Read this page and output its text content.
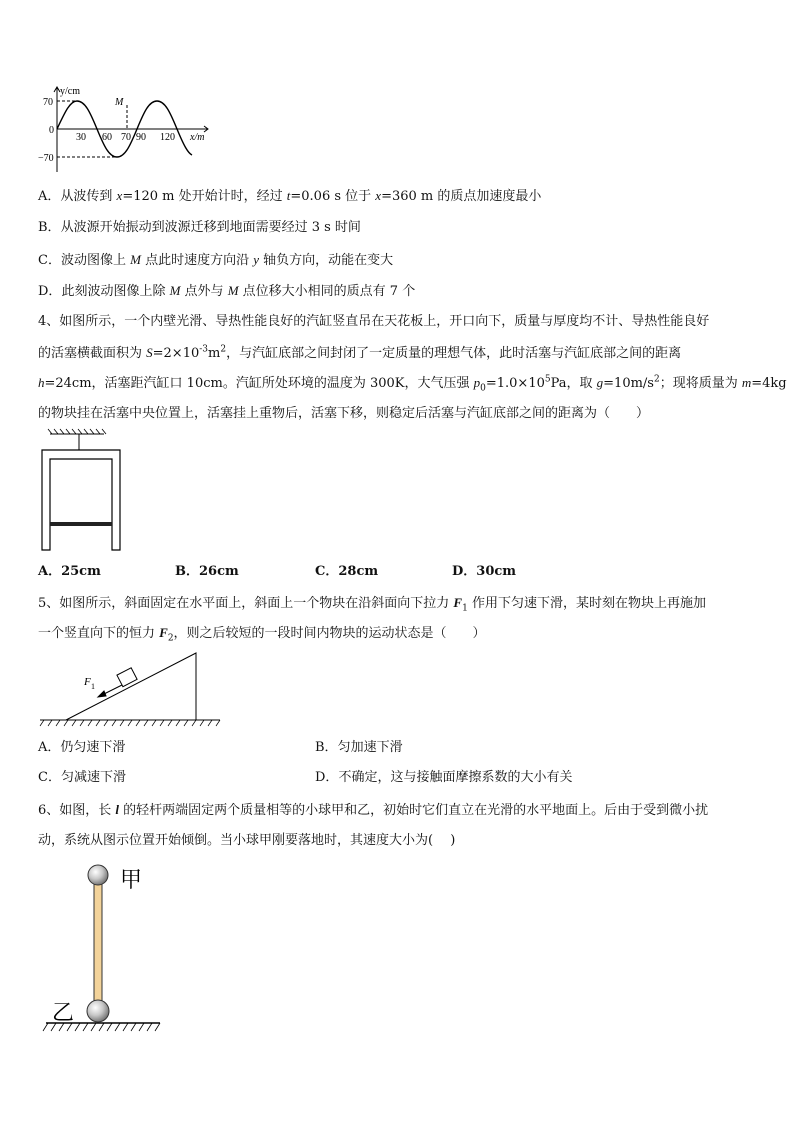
y/cm
70
0
−70
30 60 70 90 120 x/m
M
A．从波传到 x=120 m 处开始计时，经过 t=0.06 s 位于 x=360 m 的质点加速度最小
B．从波源开始振动到波源迁移到地面需要经过 3 s 时间
C．波动图像上 M 点此时速度方向沿 y 轴负方向，动能在变大
D．此刻波动图像上除 M 点外与 M 点位移大小相同的质点有 7 个
4、如图所示，一个内壁光滑、导热性能良好的汽缸竖直吊在天花板上，开口向下，质量与厚度均不计、导热性能良好
的活塞横截面积为 $S=2\times 10^{-3}m^2$，与汽缸底部之间封闭了一定质量的理想气体，此时活塞与汽缸底部之间的距离
h=24cm，活塞距汽缸口 10cm。汽缸所处环境的温度为 300K，大气压强 $p_0=1.0\times 10^5Pa$，取 $g=10m/s^2$；现将质量为 m=4kg
的物块挂在活塞中央位置上，活塞挂上重物后，活塞下移，则稳定后活塞与汽缸底部之间的距离为（　　）
A．25cm	B．26cm	C．28cm	D．30cm
5、如图所示，斜面固定在水平面上，斜面上一个物块在沿斜面向下拉力 $F_1$ 作用下匀速下滑，某时刻在物块上再施加
一个竖直向下的恒力 $F_2$，则之后较短的一段时间内物块的运动状态是（　　）
F 1
A．仍匀速下滑	B．匀加速下滑
C．匀减速下滑	D．不确定，这与接触面摩擦系数的大小有关
6、如图，长 l 的轻杆两端固定两个质量相等的小球甲和乙，初始时它们直立在光滑的水平地面上。后由于受到微小扰
动，系统从图示位置开始倾倒。当小球甲刚要落地时，其速度大小为(　 )
甲
乙
